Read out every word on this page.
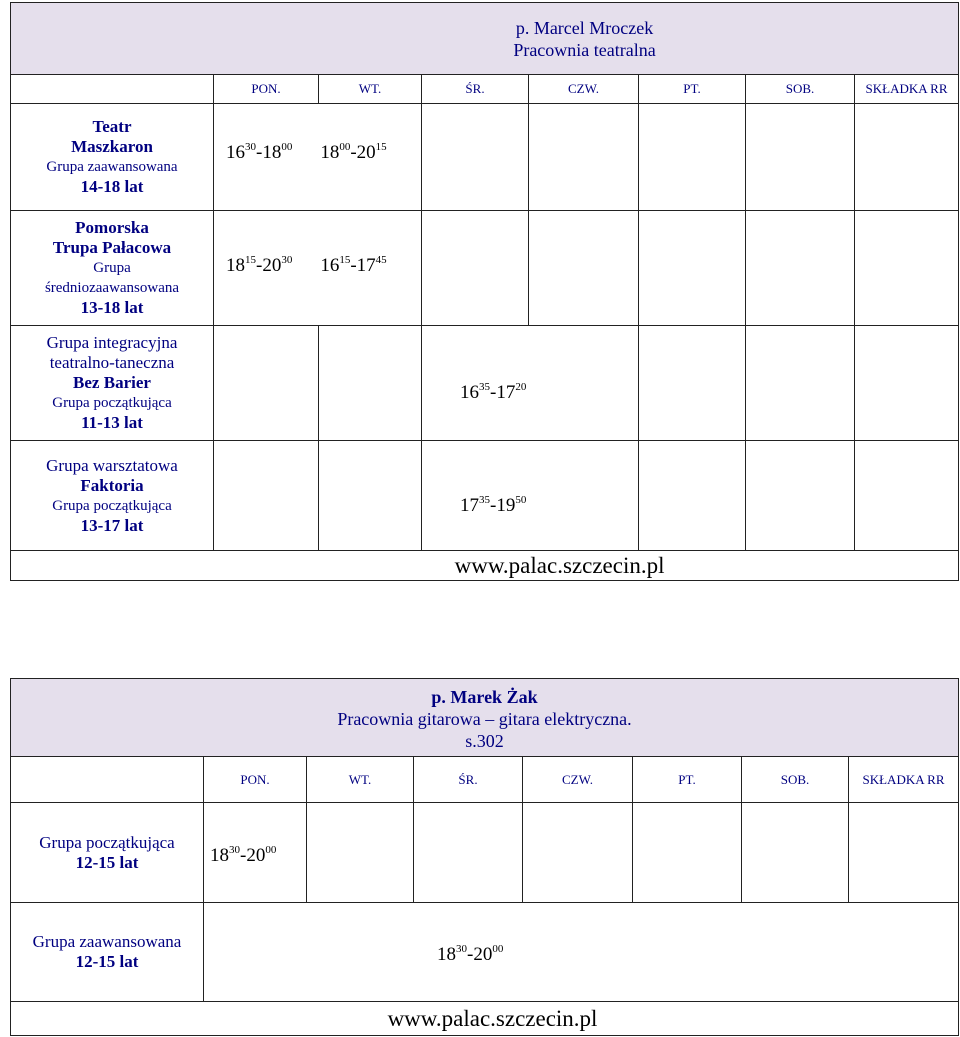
p. Marcel Mroczek
Pracownia teatralna							

	PON.	WT.	ŚR.	CZW.	PT.	SOB.	SKŁADKA RR

Teatr
Maszkaron
Grupa zaawansowana
14-18 lat	$16^{30}-18^{00}$ $18^{00}-20^{15}$					

Pomorska
Trupa Pałacowa
Grupa
średniozaawansowana
13-18 lat	$18^{15}-20^{30}$ $16^{15}-17^{45}$					

Grupa integracyjna
teatralno-taneczna
Bez Barier
Grupa początkująca
11-13 lat			$16^{35}-17^{20}$			

Grupa warsztatowa
Faktoria
Grupa początkująca
13-17 lat			$17^{35}-19^{50}$			
www.palac.szczecin.pl							
p. Marek Żak
Pracownia gitarowa – gitara elektryczna.
s.302							

	PON.	WT.	ŚR.	CZW.	PT.	SOB.	SKŁADKA RR

Grupa początkująca
12-15 lat	$18^{30}-20^{00}$						

Grupa zaawansowana
12-15 lat	$18^{30}-20^{00}$
www.palac.szczecin.pl							
